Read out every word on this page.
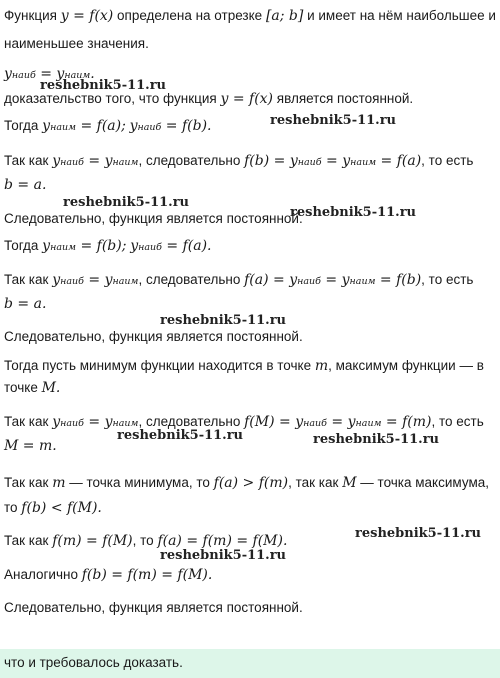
Функция y = f(x) определена на отрезке [a; b] и имеет на нём наибольшее и
наименьшее значения.
yнаиб = yнаим.
reshebnik5-11.ru
доказательство того, что функция y = f(x) является постоянной.
Тогда yнаим = f(a); yнаиб = f(b).	reshebnik5-11.ru
Так как yнаиб = yнаим, следовательно f(b) = yнаиб = yнаим = f(a), то есть
b = a.
reshebnik5-11.ru
Следовательно, функция является постоянной.
reshebnik5-11.ru
Тогда yнаим = f(b); yнаиб = f(a).
Так как yнаиб = yнаим, следовательно f(a) = yнаиб = yнаим = f(b), то есть
b = a.
reshebnik5-11.ru
Следовательно, функция является постоянной.
Тогда пусть минимум функции находится в точке m, максимум функции — в
точке M.
Так как yнаиб = yнаим, следовательно f(M) = yнаиб = yнаим = f(m), то есть
M = m.
reshebnik5-11.ru	reshebnik5-11.ru
Так как m — точка минимума, то f(a) > f(m), так как M — точка максимума,
то f(b) < f(M).
Так как f(m) = f(M), то f(a) = f(m) = f(M).	reshebnik5-11.ru
reshebnik5-11.ru
Аналогично f(b) = f(m) = f(M).
Следовательно, функция является постоянной.
что и требовалось доказать.
